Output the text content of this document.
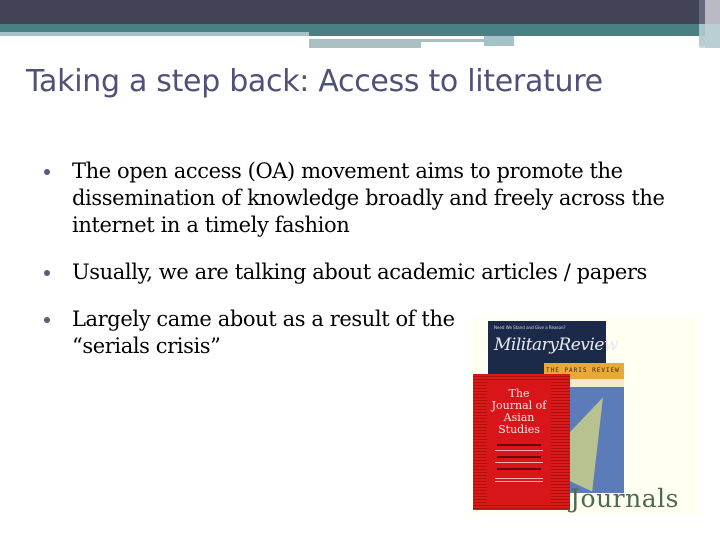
Taking a step back: Access to literature
The open access (OA) movement aims to promote the dissemination of knowledge broadly and freely across the internet in a timely fashion
Usually, we are talking about academic articles / papers
Largely came about as a result of the “serials crisis”
Need We Stand and Give a Reason?
MilitaryReview
THE PARIS REVIEW
The Journal of Asian Studies
Journals
